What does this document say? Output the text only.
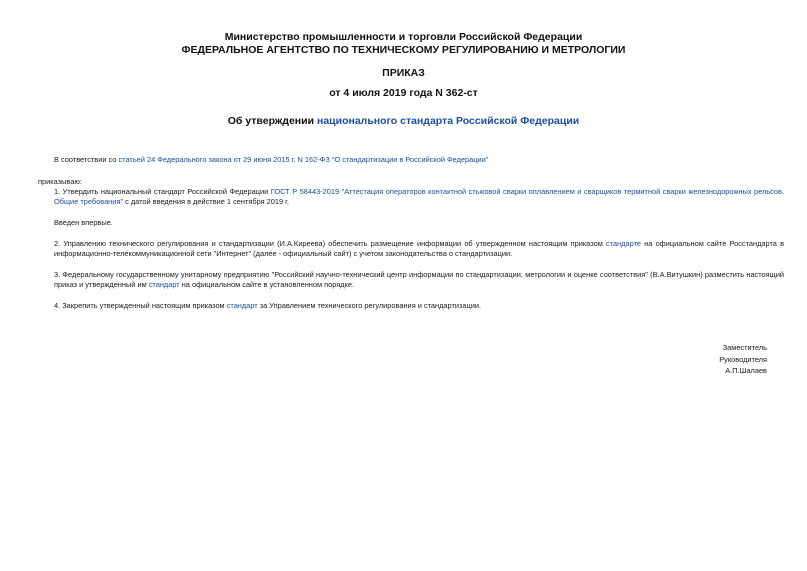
Министерство промышленности и торговли Российской Федерации
ФЕДЕРАЛЬНОЕ АГЕНТСТВО ПО ТЕХНИЧЕСКОМУ РЕГУЛИРОВАНИЮ И МЕТРОЛОГИИ
ПРИКАЗ
от 4 июля 2019 года N 362-ст
Об утверждении национального стандарта Российской Федерации
В соответствии со статьей 24 Федерального закона от 29 июня 2015 г. N 162-ФЗ "О стандартизации в Российской Федерации"
приказываю:
1. Утвердить национальный стандарт Российской Федерации ГОСТ Р 58443-2019 "Аттестация операторов контактной стыковой сварки оплавлением и сварщиков термитной сварки железнодорожных рельсов. Общие требования" с датой введения в действие 1 сентября 2019 г.
Введен впервые.
2. Управлению технического регулирования и стандартизации (И.А.Киреева) обеспечить размещение информации об утвержденном настоящим приказом стандарте на официальном сайте Росстандарта в информационно-телекоммуникационной сети "Интернет" (далее - официальный сайт) с учетом законодательства о стандартизации.
3. Федеральному государственному унитарному предприятию "Российский научно-технический центр информации по стандартизации, метрологии и оценке соответствия" (В.А.Витушкин) разместить настоящий приказ и утвержденный им стандарт на официальном сайте в установленном порядке.
4. Закрепить утвержденный настоящим приказом стандарт за Управлением технического регулирования и стандартизации.
Заместитель
Руководителя
А.П.Шалаев
